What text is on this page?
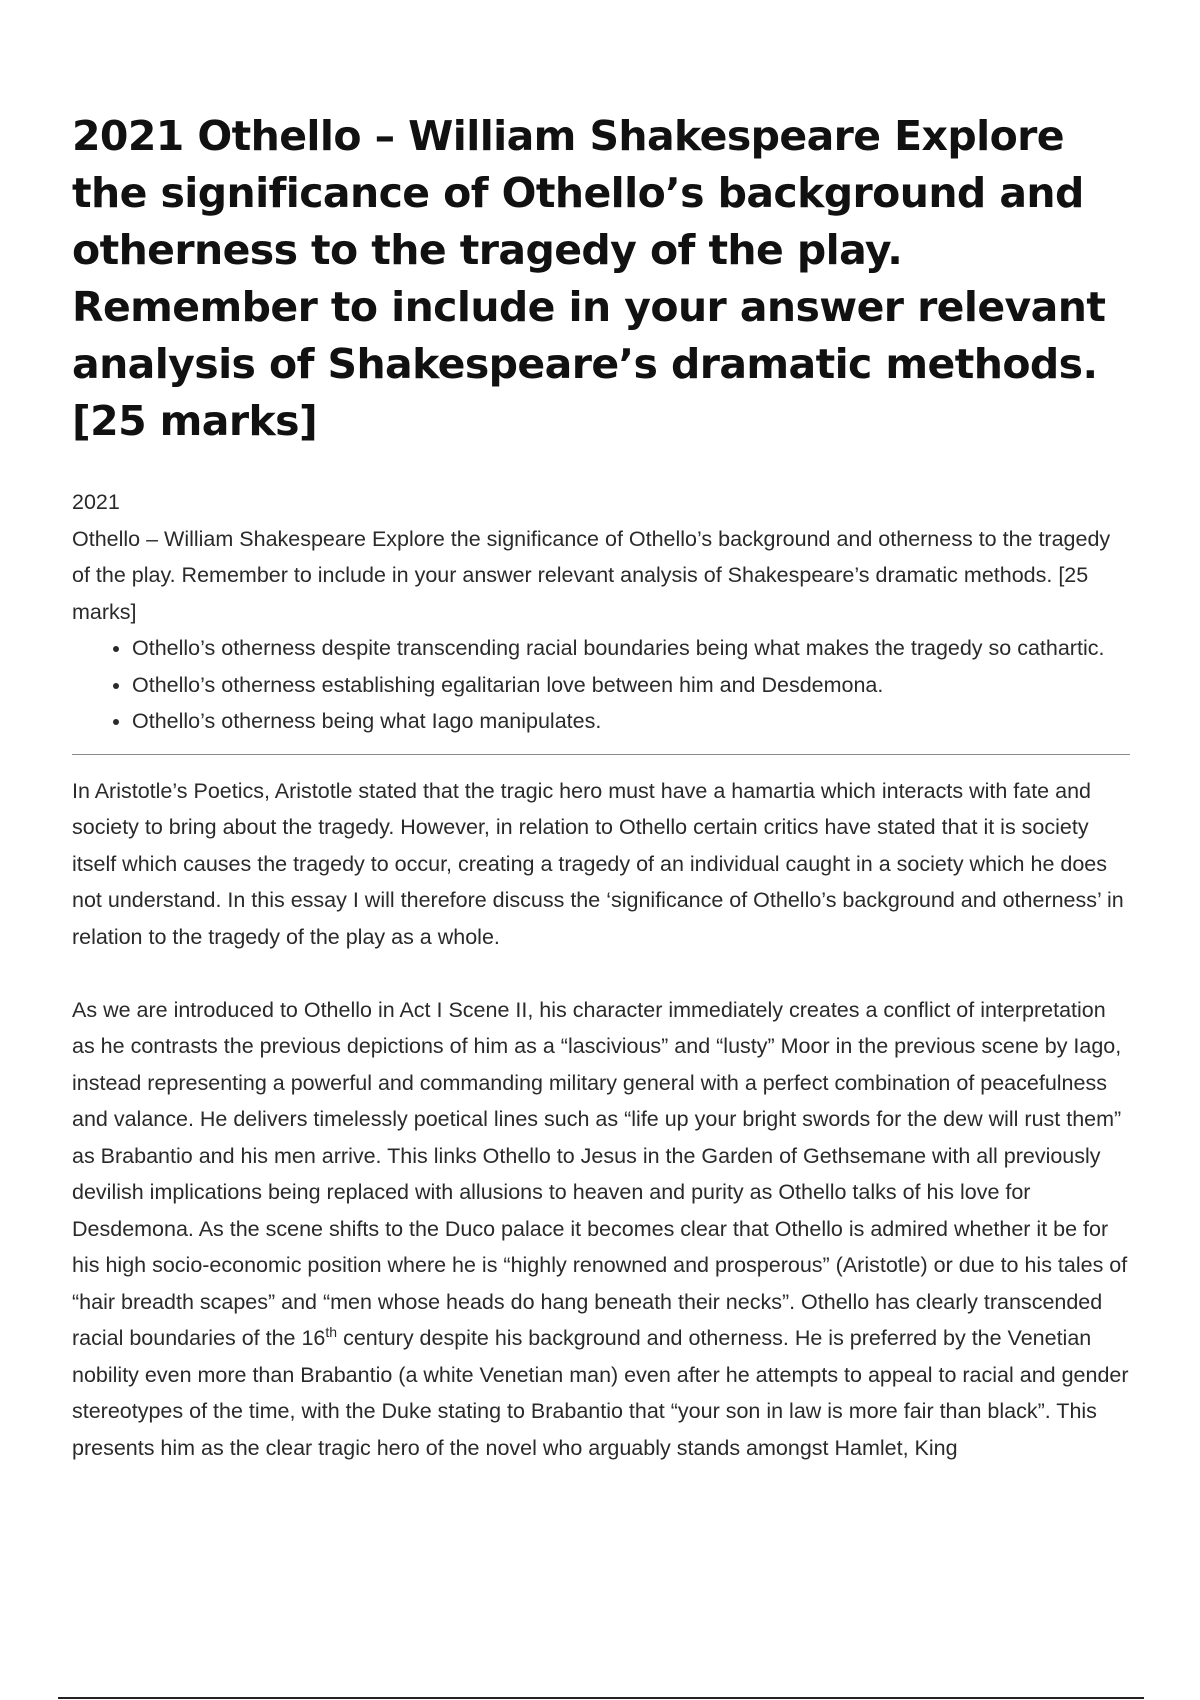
2021 Othello – William Shakespeare Explore the significance of Othello’s background and otherness to the tragedy of the play. Remember to include in your answer relevant analysis of Shakespeare’s dramatic methods. [25 marks]

2021

Othello – William Shakespeare Explore the significance of Othello’s background and otherness to the tragedy of the play. Remember to include in your answer relevant analysis of Shakespeare’s dramatic methods. [25 marks]

• Othello’s otherness despite transcending racial boundaries being what makes the tragedy so cathartic.
• Othello’s otherness establishing egalitarian love between him and Desdemona.
• Othello’s otherness being what Iago manipulates.

In Aristotle’s Poetics, Aristotle stated that the tragic hero must have a hamartia which interacts with fate and society to bring about the tragedy. However, in relation to Othello certain critics have stated that it is society itself which causes the tragedy to occur, creating a tragedy of an individual caught in a society which he does not understand. In this essay I will therefore discuss the ‘significance of Othello’s background and otherness’ in relation to the tragedy of the play as a whole.

As we are introduced to Othello in Act I Scene II, his character immediately creates a conflict of interpretation as he contrasts the previous depictions of him as a “lascivious” and “lusty” Moor in the previous scene by Iago, instead representing a powerful and commanding military general with a perfect combination of peacefulness and valance. He delivers timelessly poetical lines such as “life up your bright swords for the dew will rust them” as Brabantio and his men arrive. This links Othello to Jesus in the Garden of Gethsemane with all previously devilish implications being replaced with allusions to heaven and purity as Othello talks of his love for Desdemona. As the scene shifts to the Duco palace it becomes clear that Othello is admired whether it be for his high socio-economic position where he is “highly renowned and prosperous” (Aristotle) or due to his tales of “hair breadth scapes” and “men whose heads do hang beneath their necks”. Othello has clearly transcended racial boundaries of the 16th century despite his background and otherness. He is preferred by the Venetian nobility even more than Brabantio (a white Venetian man) even after he attempts to appeal to racial and gender stereotypes of the time, with the Duke stating to Brabantio that “your son in law is more fair than black”. This presents him as the clear tragic hero of the novel who arguably stands amongst Hamlet, King
